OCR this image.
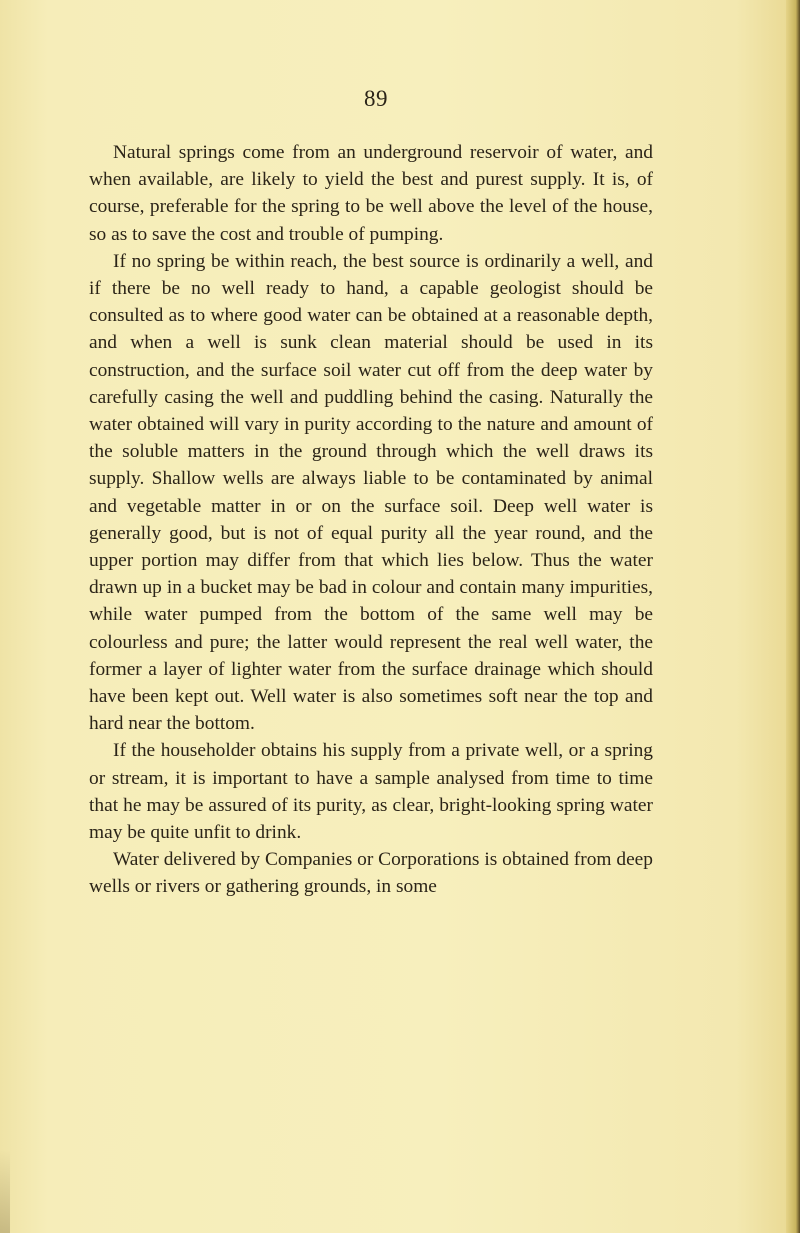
89

Natural springs come from an underground reservoir of water, and when available, are likely to yield the best and purest supply. It is, of course, preferable for the spring to be well above the level of the house, so as to save the cost and trouble of pumping.

If no spring be within reach, the best source is ordinarily a well, and if there be no well ready to hand, a capable geologist should be consulted as to where good water can be obtained at a reasonable depth, and when a well is sunk clean material should be used in its construction, and the surface soil water cut off from the deep water by carefully casing the well and puddling behind the casing. Naturally the water obtained will vary in purity according to the nature and amount of the soluble matters in the ground through which the well draws its supply. Shallow wells are always liable to be contaminated by animal and vegetable matter in or on the surface soil. Deep well water is generally good, but is not of equal purity all the year round, and the upper portion may differ from that which lies below. Thus the water drawn up in a bucket may be bad in colour and contain many impurities, while water pumped from the bottom of the same well may be colourless and pure; the latter would represent the real well water, the former a layer of lighter water from the surface drainage which should have been kept out. Well water is also sometimes soft near the top and hard near the bottom.

If the householder obtains his supply from a private well, or a spring or stream, it is important to have a sample analysed from time to time that he may be assured of its purity, as clear, bright-looking spring water may be quite unfit to drink.

Water delivered by Companies or Corporations is obtained from deep wells or rivers or gathering grounds, in some
